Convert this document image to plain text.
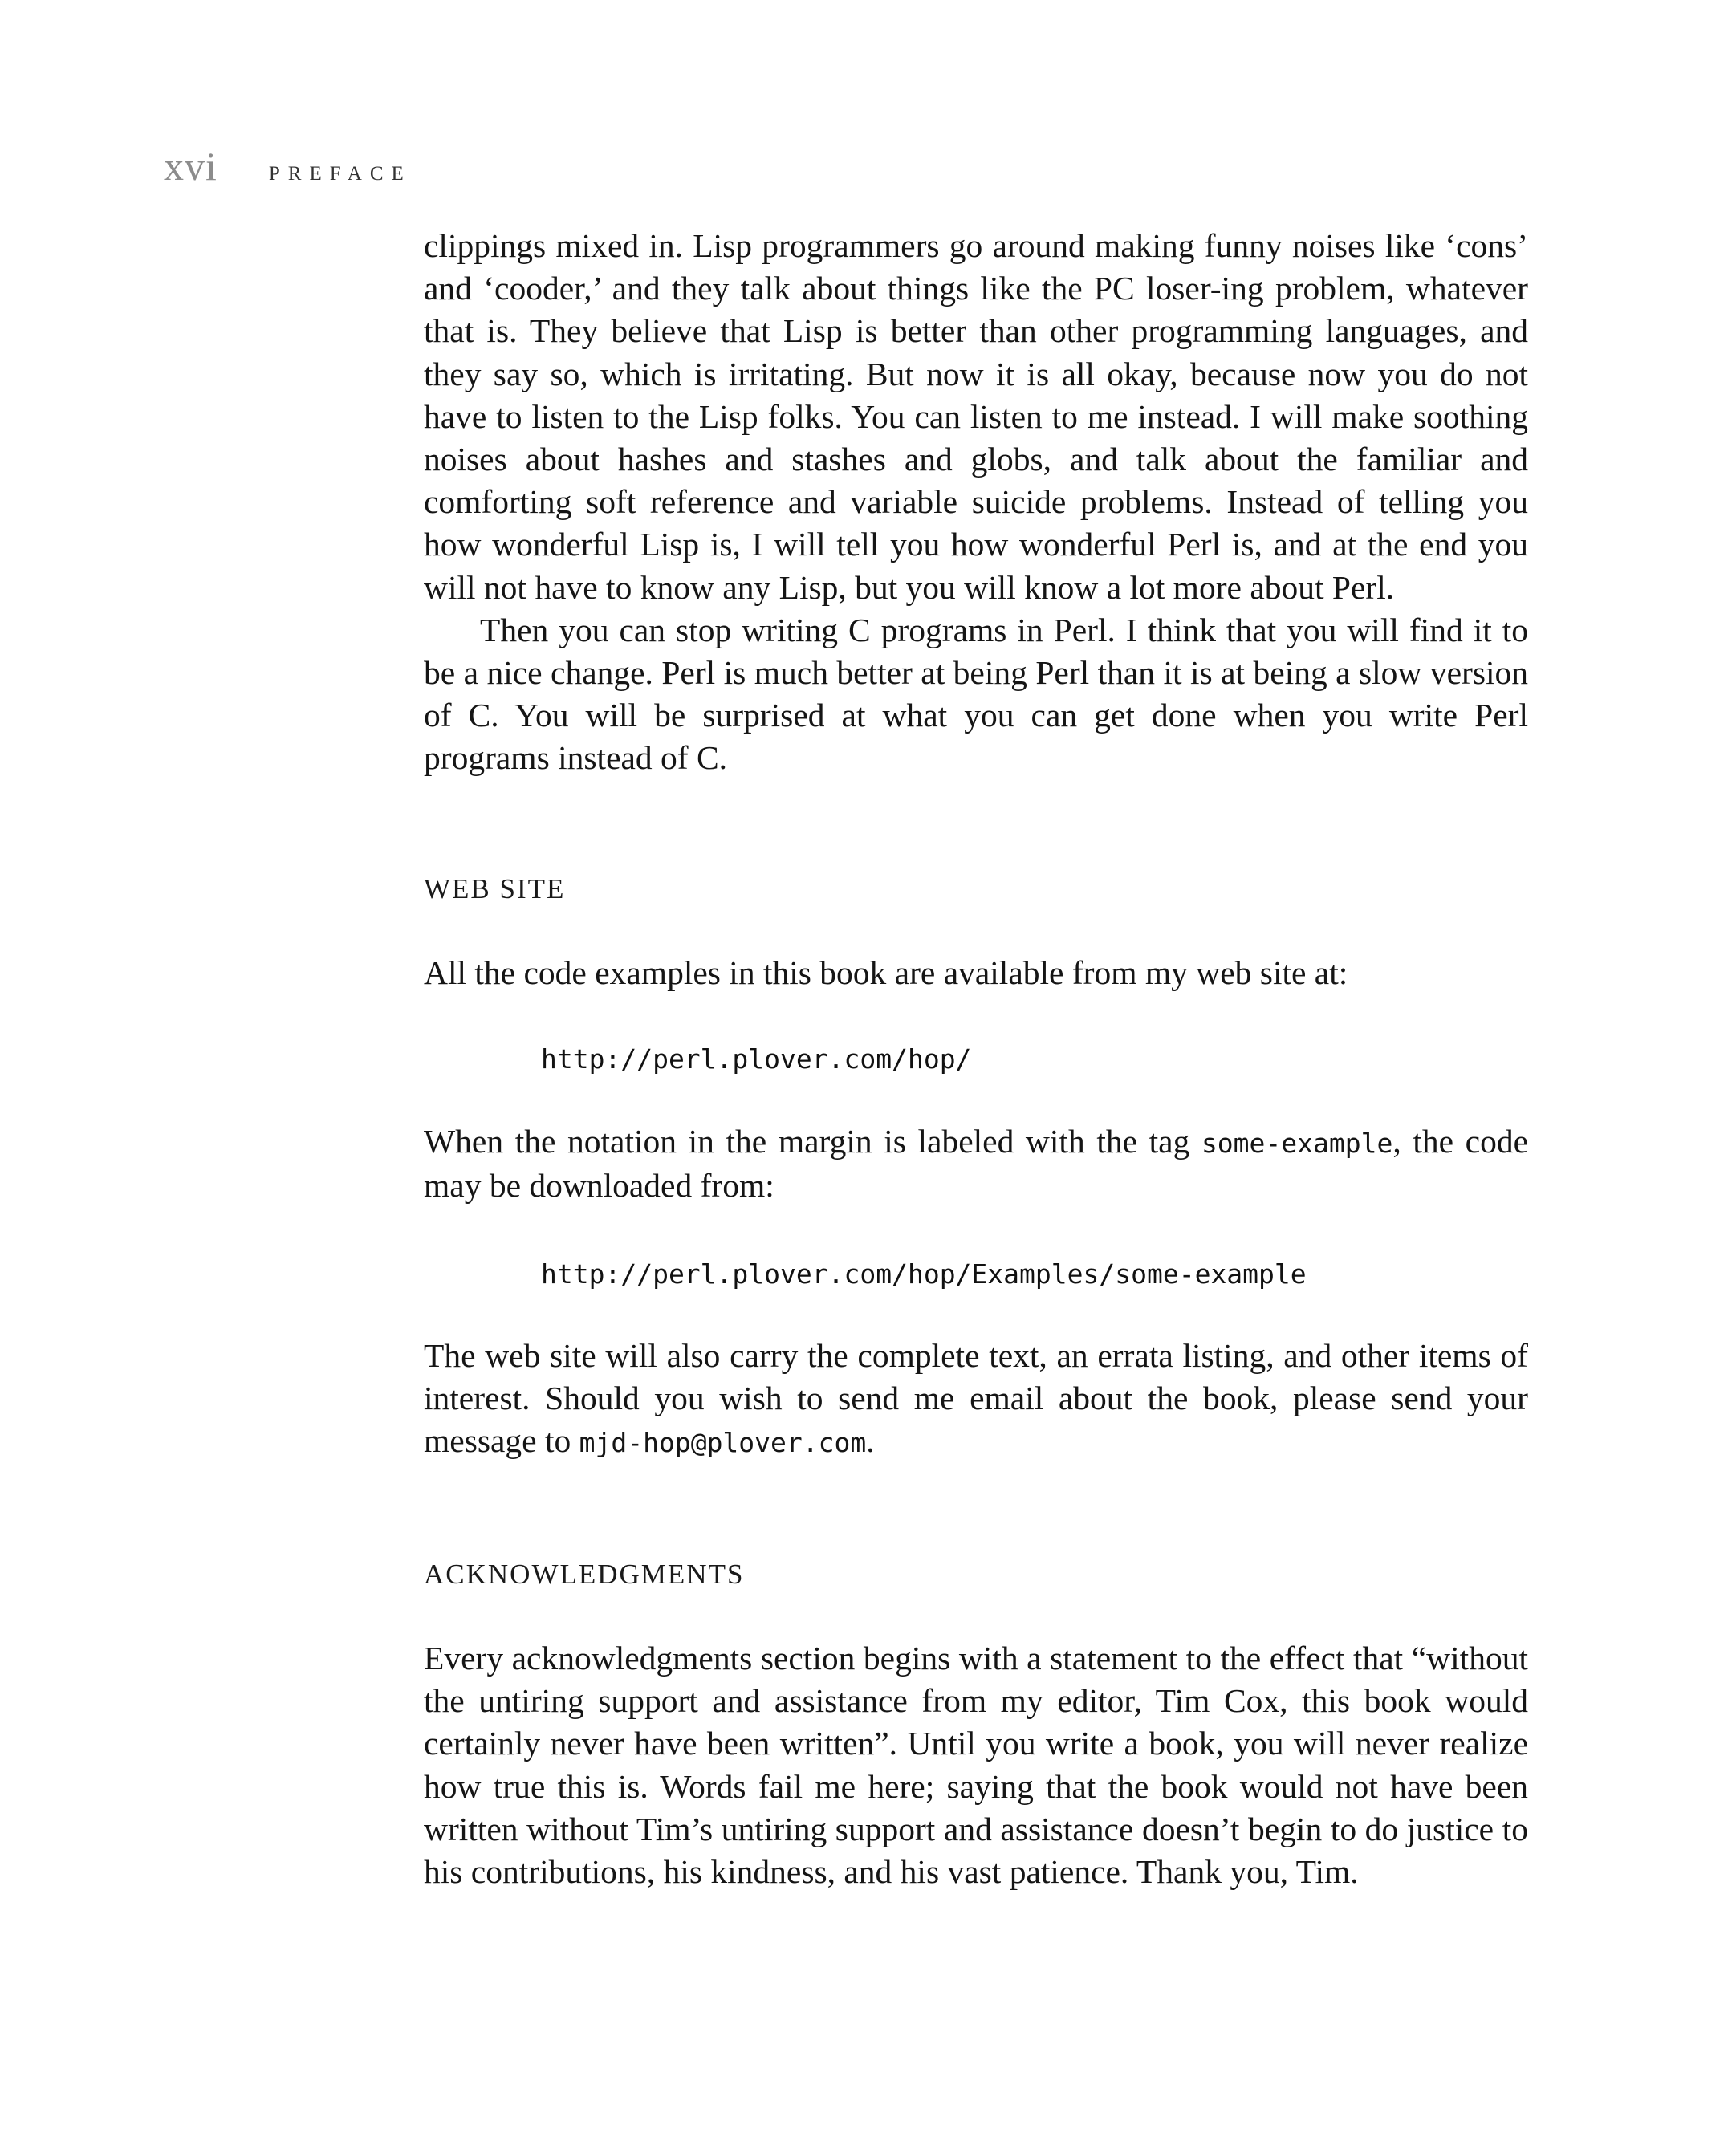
xvi	PREFACE

clippings mixed in. Lisp programmers go around making funny noises like ‘cons’ and ‘cooder,’ and they talk about things like the PC loser-ing problem, whatever that is. They believe that Lisp is better than other programming languages, and they say so, which is irritating. But now it is all okay, because now you do not have to listen to the Lisp folks. You can listen to me instead. I will make soothing noises about hashes and stashes and globs, and talk about the familiar and comforting soft reference and variable suicide problems. Instead of telling you how wonderful Lisp is, I will tell you how wonderful Perl is, and at the end you will not have to know any Lisp, but you will know a lot more about Perl.

Then you can stop writing C programs in Perl. I think that you will find it to be a nice change. Perl is much better at being Perl than it is at being a slow version of C. You will be surprised at what you can get done when you write Perl programs instead of C.

WEB SITE

All the code examples in this book are available from my web site at:

http://perl.plover.com/hop/

When the notation in the margin is labeled with the tag some-example, the code may be downloaded from:

http://perl.plover.com/hop/Examples/some-example

The web site will also carry the complete text, an errata listing, and other items of interest. Should you wish to send me email about the book, please send your message to mjd-hop@plover.com.

ACKNOWLEDGMENTS

Every acknowledgments section begins with a statement to the effect that “without the untiring support and assistance from my editor, Tim Cox, this book would certainly never have been written”. Until you write a book, you will never realize how true this is. Words fail me here; saying that the book would not have been written without Tim’s untiring support and assistance doesn’t begin to do justice to his contributions, his kindness, and his vast patience. Thank you, Tim.
